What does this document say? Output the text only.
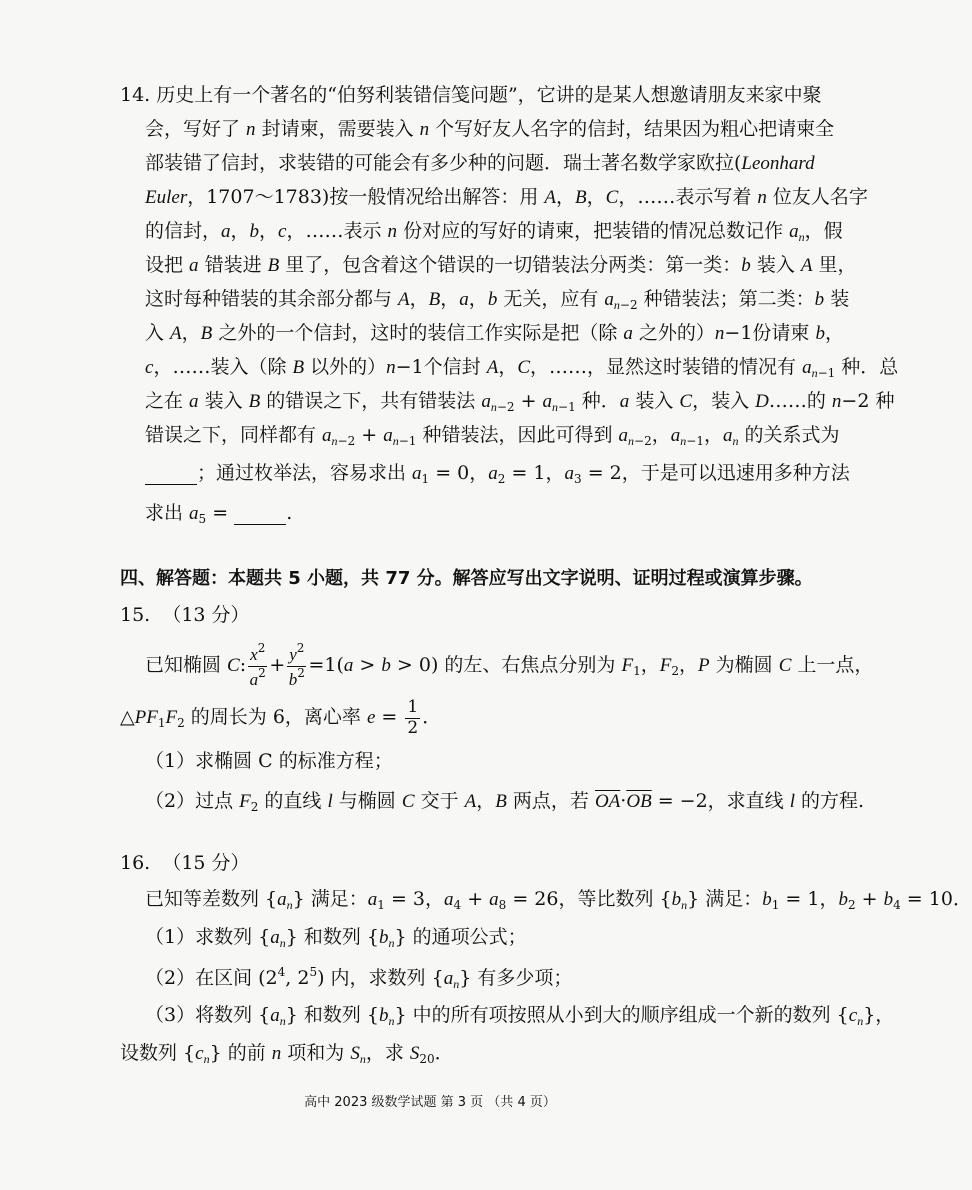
14. 历史上有一个著名的“伯努利装错信笺问题”，它讲的是某人想邀请朋友来家中聚
会，写好了 n 封请柬，需要装入 n 个写好友人名字的信封，结果因为粗心把请柬全
部装错了信封，求装错的可能会有多少种的问题．瑞士著名数学家欧拉(Leonhard
Euler，1707～1783)按一般情况给出解答：用 A，B，C，……表示写着 n 位友人名字
的信封，a，b，c，……表示 n 份对应的写好的请柬，把装错的情况总数记作 $a_n$，假
设把 a 错装进 B 里了，包含着这个错误的一切错装法分两类：第一类：b 装入 A 里，
这时每种错装的其余部分都与 A，B，a，b 无关，应有 $a_{n-2}$ 种错装法；第二类：b 装
入 A，B 之外的一个信封，这时的装信工作实际是把（除 a 之外的）n−1份请柬 b，
c，……装入（除 B 以外的）n−1个信封 A，C，……，显然这时装错的情况有 $a_{n-1}$ 种．总
之在 a 装入 B 的错误之下，共有错装法 $a_{n-2} + a_{n-1}$ 种．a 装入 C，装入 D……的 n−2 种
错误之下，同样都有 $a_{n-2} + a_{n-1}$ 种错装法，因此可得到 $a_{n-2}$，$a_{n-1}$，$a_n$ 的关系式为
；通过枚举法，容易求出 $a_1 = 0$，$a_2 = 1$，$a_3 = 2$，于是可以迅速用多种方法
求出 $a_5$ =	.
四、解答题：本题共 5 小题，共 77 分。解答应写出文字说明、证明过程或演算步骤。
15. （13 分）
已知椭圆 C: $\frac{x^2}{a^2} + \frac{y^2}{b^2} =1(a > b > 0)$ 的左、右焦点分别为 $F_1$，$F_2$，P 为椭圆 C 上一点，
$\triangle PF_1F_2$ 的周长为 6，离心率 $e = \frac{1}{2}$ ．
（1）求椭圆 C 的标准方程；
（2）过点 $F_2$ 的直线 l 与椭圆 C 交于 A，B 两点，若 $\overline{OA}\cdot\overline{OB} = -2$，求直线 l 的方程.
16. （15 分）
已知等差数列 $\{a_n\}$ 满足：$a_1 = 3$，$a_4 + a_8 = 26$，等比数列 $\{b_n\}$ 满足：$b_1 = 1$，$b_2 + b_4 = 10$．
（1）求数列 $\{a_n\}$ 和数列 $\{b_n\}$ 的通项公式；
（2）在区间 ($2^4$, $2^5$) 内，求数列 $\{a_n\}$ 有多少项；
（3）将数列 $\{a_n\}$ 和数列 $\{b_n\}$ 中的所有项按照从小到大的顺序组成一个新的数列 $\{c_n\}$，
设数列 $\{c_n\}$ 的前 n 项和为 $S_n$，求 $S_{20}$．
高中 2023 级数学试题 第 3 页 （共 4 页）
